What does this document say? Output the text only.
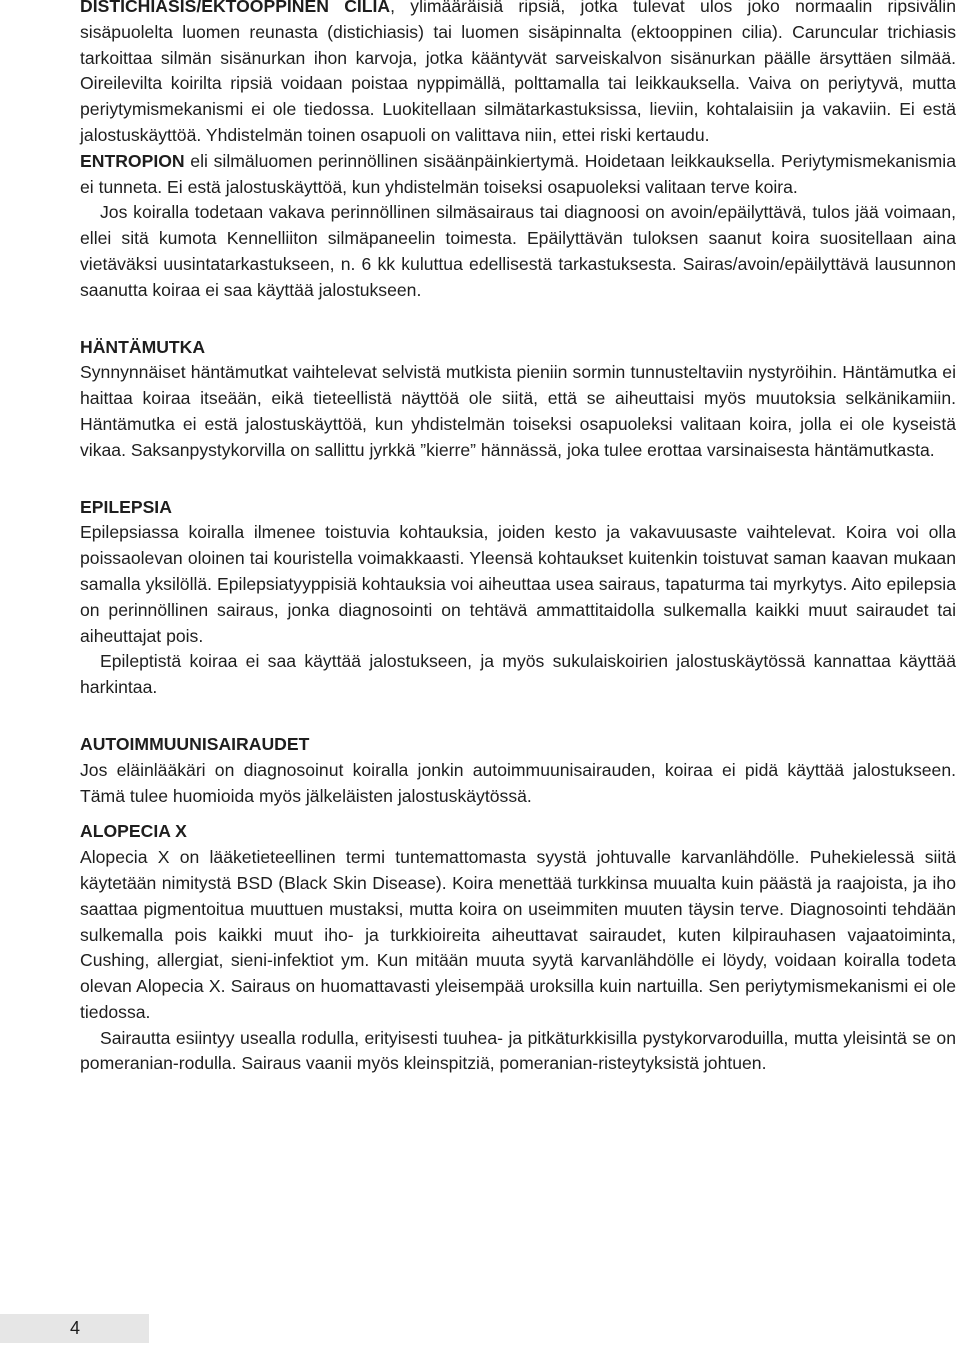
DISTICHIASIS/EKTOOPPINEN CILIA, ylimääräisiä ripsiä, jotka tulevat ulos joko normaalin ripsivälin sisäpuolelta luomen reunasta (distichiasis) tai luomen sisäpinnalta (ektooppinen cilia). Caruncular trichiasis tarkoittaa silmän sisänurkan ihon karvoja, jotka kääntyvät sarveiskalvon sisänurkan päälle ärsyttäen silmää. Oireilevilta koirilta ripsiä voidaan poistaa nyppimällä, polttamalla tai leikkauksella. Vaiva on periytyvä, mutta periytymismekanismi ei ole tiedossa. Luokitellaan silmätarkastuksissa, lieviin, kohtalaisiin ja vakaviin. Ei estä jalostuskäyttöä. Yhdistelmän toinen osapuoli on valittava niin, ettei riski kertaudu.

ENTROPION eli silmäluomen perinnöllinen sisäänpäinkiertymä. Hoidetaan leikkauksella. Periytymismekanismia ei tunneta. Ei estä jalostuskäyttöä, kun yhdistelmän toiseksi osapuoleksi valitaan terve koira.

Jos koiralla todetaan vakava perinnöllinen silmäsairaus tai diagnoosi on avoin/epäilyttävä, tulos jää voimaan, ellei sitä kumota Kennelliiton silmäpaneelin toimesta. Epäilyttävän tuloksen saanut koira suositellaan aina vietäväksi uusintatarkastukseen, n. 6 kk kuluttua edellisestä tarkastuksesta. Sairas/avoin/epäilyttävä lausunnon saanutta koiraa ei saa käyttää jalostukseen.

HÄNTÄMUTKA

Synnynnäiset häntämutkat vaihtelevat selvistä mutkista pieniin sormin tunnusteltaviin nystyröihin. Häntämutka ei haittaa koiraa itseään, eikä tieteellistä näyttöä ole siitä, että se aiheuttaisi myös muutoksia selkänikamiin. Häntämutka ei estä jalostuskäyttöä, kun yhdistelmän toiseksi osapuoleksi valitaan koira, jolla ei ole kyseistä vikaa. Saksanpystykorvilla on sallittu jyrkkä ”kierre” hännässä, joka tulee erottaa varsinaisesta häntämutkasta.

EPILEPSIA

Epilepsiassa koiralla ilmenee toistuvia kohtauksia, joiden kesto ja vakavuusaste vaihtelevat. Koira voi olla poissaolevan oloinen tai kouristella voimakkaasti. Yleensä kohtaukset kuitenkin toistuvat saman kaavan mukaan samalla yksilöllä. Epilepsiatyyppisiä kohtauksia voi aiheuttaa usea sairaus, tapaturma tai myrkytys. Aito epilepsia on perinnöllinen sairaus, jonka diagnosointi on tehtävä ammattitaidolla sulkemalla kaikki muut sairaudet tai aiheuttajat pois.

Epileptistä koiraa ei saa käyttää jalostukseen, ja myös sukulaiskoirien jalostuskäytössä kannattaa käyttää harkintaa.

AUTOIMMUUNISAIRAUDET

Jos eläinlääkäri on diagnosoinut koiralla jonkin autoimmuunisairauden, koiraa ei pidä käyttää jalostukseen. Tämä tulee huomioida myös jälkeläisten jalostuskäytössä.

ALOPECIA X

Alopecia X on lääketieteellinen termi tuntemattomasta syystä johtuvalle karvanlähdölle. Puhekielessä siitä käytetään nimitystä BSD (Black Skin Disease). Koira menettää turkkinsa muualta kuin päästä ja raajoista, ja iho saattaa pigmentoitua muuttuen mustaksi, mutta koira on useimmiten muuten täysin terve. Diagnosointi tehdään sulkemalla pois kaikki muut iho- ja turkkioireita aiheuttavat sairaudet, kuten kilpirauhasen vajaatoiminta, Cushing, allergiat, sieni-infektiot ym. Kun mitään muuta syytä karvanlähdölle ei löydy, voidaan koiralla todeta olevan Alopecia X. Sairaus on huomattavasti yleisempää uroksilla kuin nartuilla. Sen periytymismekanismi ei ole tiedossa.

Sairautta esiintyy usealla rodulla, erityisesti tuuhea- ja pitkäturkkisilla pystykorvaroduilla, mutta yleisintä se on pomeranian-rodulla. Sairaus vaanii myös kleinspitziä, pomeranian-risteytyksistä johtuen.

4
